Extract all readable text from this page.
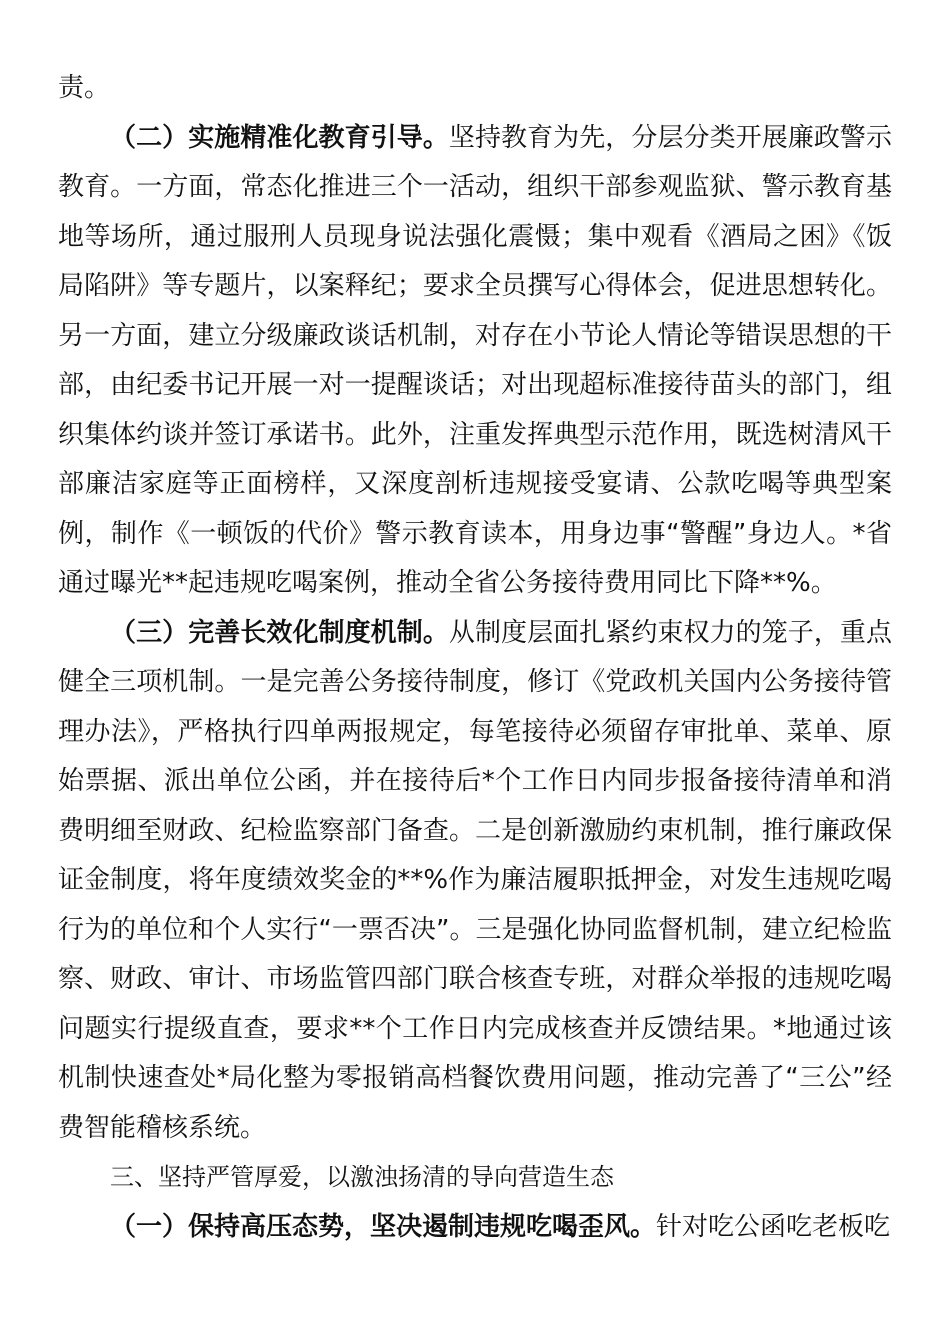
责。

（二）实施精准化教育引导。坚持教育为先，分层分类开展廉政警示教育。一方面，常态化推进三个一活动，组织干部参观监狱、警示教育基地等场所，通过服刑人员现身说法强化震慑；集中观看《酒局之困》《饭局陷阱》等专题片，以案释纪；要求全员撰写心得体会，促进思想转化。另一方面，建立分级廉政谈话机制，对存在小节论人情论等错误思想的干部，由纪委书记开展一对一提醒谈话；对出现超标准接待苗头的部门，组织集体约谈并签订承诺书。此外，注重发挥典型示范作用，既选树清风干部廉洁家庭等正面榜样，又深度剖析违规接受宴请、公款吃喝等典型案例，制作《一顿饭的代价》警示教育读本，用身边事“警醒”身边人。*省通过曝光**起违规吃喝案例，推动全省公务接待费用同比下降**%。

（三）完善长效化制度机制。从制度层面扎紧约束权力的笼子，重点健全三项机制。一是完善公务接待制度，修订《党政机关国内公务接待管理办法》，严格执行四单两报规定，每笔接待必须留存审批单、菜单、原始票据、派出单位公函，并在接待后*个工作日内同步报备接待清单和消费明细至财政、纪检监察部门备查。二是创新激励约束机制，推行廉政保证金制度，将年度绩效奖金的**%作为廉洁履职抵押金，对发生违规吃喝行为的单位和个人实行“一票否决”。三是强化协同监督机制，建立纪检监察、财政、审计、市场监管四部门联合核查专班，对群众举报的违规吃喝问题实行提级直查，要求**个工作日内完成核查并反馈结果。*地通过该机制快速查处*局化整为零报销高档餐饮费用问题，推动完善了“三公”经费智能稽核系统。

三、坚持严管厚爱，以激浊扬清的导向营造生态

（一）保持高压态势，坚决遏制违规吃喝歪风。针对吃公函吃老板吃
